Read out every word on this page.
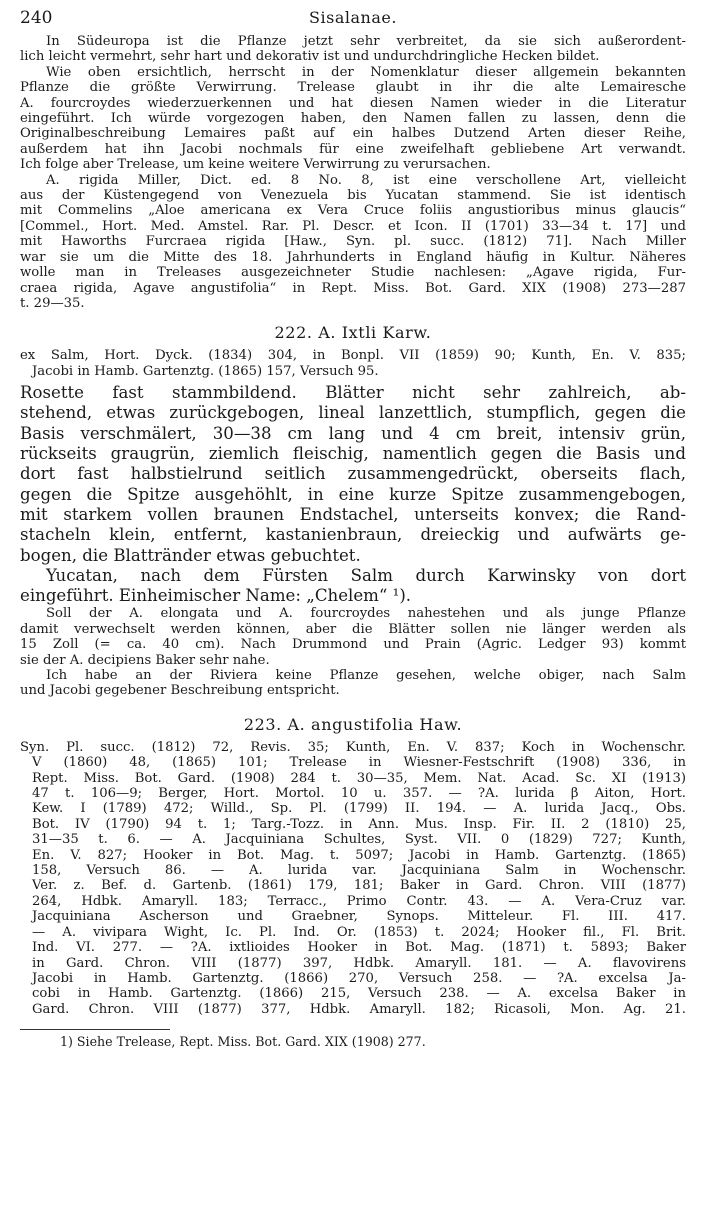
240	Sisalanae.
In Südeuropa ist die Pflanze jetzt sehr verbreitet, da sie sich außerordent-
lich leicht vermehrt, sehr hart und dekorativ ist und undurchdringliche Hecken bildet.
Wie oben ersichtlich, herrscht in der Nomenklatur dieser allgemein bekannten
Pflanze die größte Verwirrung. Trelease glaubt in ihr die alte Lemairesche
A. fourcroydes wiederzuerkennen und hat diesen Namen wieder in die Literatur
eingeführt. Ich würde vorgezogen haben, den Namen fallen zu lassen, denn die
Originalbeschreibung Lemaires paßt auf ein halbes Dutzend Arten dieser Reihe,
außerdem hat ihn Jacobi nochmals für eine zweifelhaft gebliebene Art verwandt.
Ich folge aber Trelease, um keine weitere Verwirrung zu verursachen.
A. rigida Miller, Dict. ed. 8 No. 8, ist eine verschollene Art, vielleicht
aus der Küstengegend von Venezuela bis Yucatan stammend. Sie ist identisch
mit Commelins „Aloe americana ex Vera Cruce foliis angustioribus minus glaucis“
[Commel., Hort. Med. Amstel. Rar. Pl. Descr. et Icon. II (1701) 33—34 t. 17] und
mit Haworths Furcraea rigida [Haw., Syn. pl. succ. (1812) 71]. Nach Miller
war sie um die Mitte des 18. Jahrhunderts in England häufig in Kultur. Näheres
wolle man in Treleases ausgezeichneter Studie nachlesen: „Agave rigida, Fur-
craea rigida, Agave angustifolia“ in Rept. Miss. Bot. Gard. XIX (1908) 273—287
t. 29—35.
222. A. Ixtli Karw.
ex Salm, Hort. Dyck. (1834) 304, in Bonpl. VII (1859) 90; Kunth, En. V. 835;
Jacobi in Hamb. Gartenztg. (1865) 157, Versuch 95.
Rosette fast stammbildend. Blätter nicht sehr zahlreich, ab-
stehend, etwas zurückgebogen, lineal lanzettlich, stumpflich, gegen die
Basis verschmälert, 30—38 cm lang und 4 cm breit, intensiv grün,
rückseits graugrün, ziemlich fleischig, namentlich gegen die Basis und
dort fast halbstielrund seitlich zusammengedrückt, oberseits flach,
gegen die Spitze ausgehöhlt, in eine kurze Spitze zusammengebogen,
mit starkem vollen braunen Endstachel, unterseits konvex; die Rand-
stacheln klein, entfernt, kastanienbraun, dreieckig und aufwärts ge-
bogen, die Blattränder etwas gebuchtet.
Yucatan, nach dem Fürsten Salm durch Karwinsky von dort
eingeführt. Einheimischer Name: „Chelem“ ¹).
Soll der A. elongata und A. fourcroydes nahestehen und als junge Pflanze
damit verwechselt werden können, aber die Blätter sollen nie länger werden als
15 Zoll (= ca. 40 cm). Nach Drummond und Prain (Agric. Ledger 93) kommt
sie der A. decipiens Baker sehr nahe.
Ich habe an der Riviera keine Pflanze gesehen, welche obiger, nach Salm
und Jacobi gegebener Beschreibung entspricht.
223. A. angustifolia Haw.
Syn. Pl. succ. (1812) 72, Revis. 35; Kunth, En. V. 837; Koch in Wochenschr.
V (1860) 48, (1865) 101; Trelease in Wiesner-Festschrift (1908) 336, in
Rept. Miss. Bot. Gard. (1908) 284 t. 30—35, Mem. Nat. Acad. Sc. XI (1913)
47 t. 106—9; Berger, Hort. Mortol. 10 u. 357. — ?A. lurida β Aiton, Hort.
Kew. I (1789) 472; Willd., Sp. Pl. (1799) II. 194. — A. lurida Jacq., Obs.
Bot. IV (1790) 94 t. 1; Targ.-Tozz. in Ann. Mus. Insp. Fir. II. 2 (1810) 25,
31—35 t. 6. — A. Jacquiniana Schultes, Syst. VII. 0 (1829) 727; Kunth,
En. V. 827; Hooker in Bot. Mag. t. 5097; Jacobi in Hamb. Gartenztg. (1865)
158, Versuch 86. — A. lurida var. Jacquiniana Salm in Wochenschr.
Ver. z. Bef. d. Gartenb. (1861) 179, 181; Baker in Gard. Chron. VIII (1877)
264, Hdbk. Amaryll. 183; Terracc., Primo Contr. 43. — A. Vera-Cruz var.
Jacquiniana Ascherson und Graebner, Synops. Mitteleur. Fl. III. 417.
— A. vivipara Wight, Ic. Pl. Ind. Or. (1853) t. 2024; Hooker fil., Fl. Brit.
Ind. VI. 277. — ?A. ixtlioides Hooker in Bot. Mag. (1871) t. 5893; Baker
in Gard. Chron. VIII (1877) 397, Hdbk. Amaryll. 181. — A. flavovirens
Jacobi in Hamb. Gartenztg. (1866) 270, Versuch 258. — ?A. excelsa Ja-
cobi in Hamb. Gartenztg. (1866) 215, Versuch 238. — A. excelsa Baker in
Gard. Chron. VIII (1877) 377, Hdbk. Amaryll. 182; Ricasoli, Mon. Ag. 21.
1) Siehe Trelease, Rept. Miss. Bot. Gard. XIX (1908) 277.
